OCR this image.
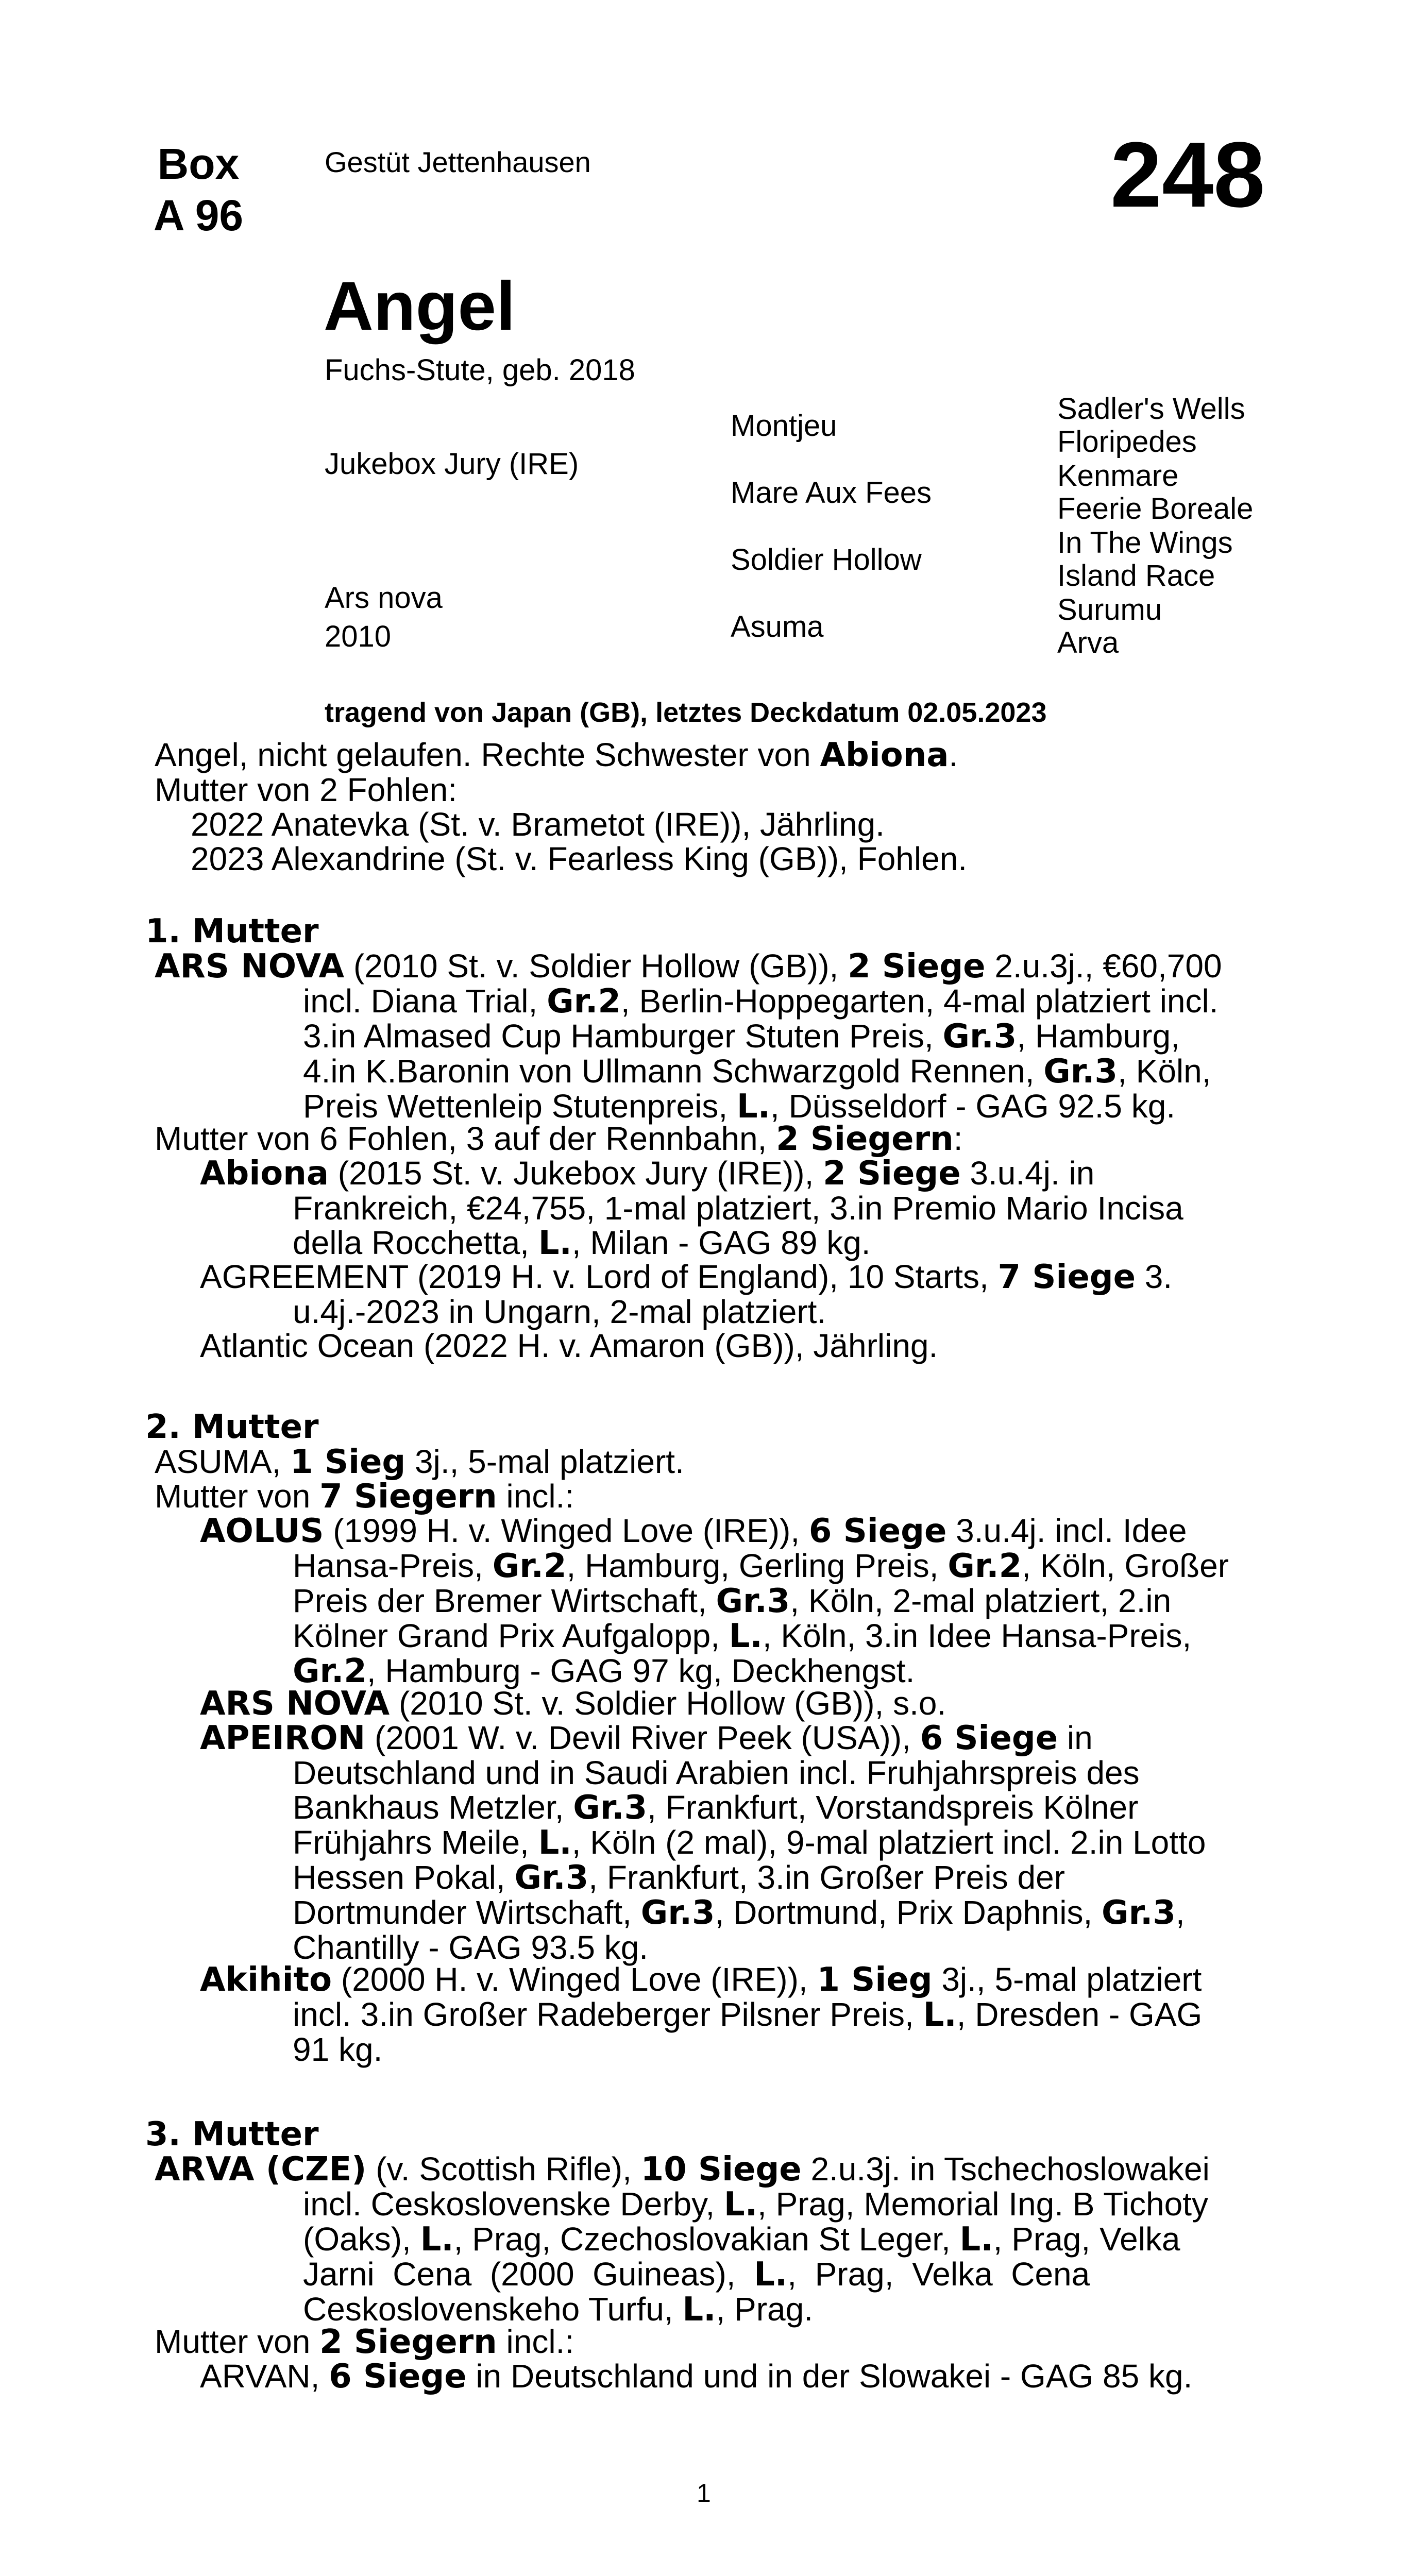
Box
A 96
Gestüt Jettenhausen	248
Angel
Fuchs-Stute, geb. 2018
Jukebox Jury (IRE)
Ars nova
2010
Montjeu
Mare Aux Fees
Soldier Hollow
Asuma
Sadler's Wells
Floripedes
Kenmare
Feerie Boreale
In The Wings
Island Race
Surumu
Arva
tragend von Japan (GB), letztes Deckdatum 02.05.2023
Angel, nicht gelaufen. Rechte Schwester von Abiona.
Mutter von 2 Fohlen:
2022 Anatevka (St. v. Brametot (IRE)), Jährling.
2023 Alexandrine (St. v. Fearless King (GB)), Fohlen.
1. Mutter
ARS NOVA (2010 St. v. Soldier Hollow (GB)), 2 Siege 2.u.3j., €60,700
incl. Diana Trial, Gr.2, Berlin-Hoppegarten, 4-mal platziert incl.
3.in Almased Cup Hamburger Stuten Preis, Gr.3, Hamburg,
4.in K.Baronin von Ullmann Schwarzgold Rennen, Gr.3, Köln,
Preis Wettenleip Stutenpreis, L., Düsseldorf - GAG 92.5 kg.
Mutter von 6 Fohlen, 3 auf der Rennbahn, 2 Siegern:
Abiona (2015 St. v. Jukebox Jury (IRE)), 2 Siege 3.u.4j. in
Frankreich, €24,755, 1-mal platziert, 3.in Premio Mario Incisa
della Rocchetta, L., Milan - GAG 89 kg.
AGREEMENT (2019 H. v. Lord of England), 10 Starts, 7 Siege 3.
u.4j.-2023 in Ungarn, 2-mal platziert.
Atlantic Ocean (2022 H. v. Amaron (GB)), Jährling.
2. Mutter
ASUMA, 1 Sieg 3j., 5-mal platziert.
Mutter von 7 Siegern incl.:
AOLUS (1999 H. v. Winged Love (IRE)), 6 Siege 3.u.4j. incl. Idee
Hansa-Preis, Gr.2, Hamburg, Gerling Preis, Gr.2, Köln, Großer
Preis der Bremer Wirtschaft, Gr.3, Köln, 2-mal platziert, 2.in
Kölner Grand Prix Aufgalopp, L., Köln, 3.in Idee Hansa-Preis,
Gr.2, Hamburg - GAG 97 kg, Deckhengst.
ARS NOVA (2010 St. v. Soldier Hollow (GB)), s.o.
APEIRON (2001 W. v. Devil River Peek (USA)), 6 Siege in
Deutschland und in Saudi Arabien incl. Fruhjahrspreis des
Bankhaus Metzler, Gr.3, Frankfurt, Vorstandspreis Kölner
Frühjahrs Meile, L., Köln (2 mal), 9-mal platziert incl. 2.in Lotto
Hessen Pokal, Gr.3, Frankfurt, 3.in Großer Preis der
Dortmunder Wirtschaft, Gr.3, Dortmund, Prix Daphnis, Gr.3,
Chantilly - GAG 93.5 kg.
Akihito (2000 H. v. Winged Love (IRE)), 1 Sieg 3j., 5-mal platziert
incl. 3.in Großer Radeberger Pilsner Preis, L., Dresden - GAG
91 kg.
3. Mutter
ARVA (CZE) (v. Scottish Rifle), 10 Siege 2.u.3j. in Tschechoslowakei
incl. Ceskoslovenske Derby, L., Prag, Memorial Ing. B Tichoty
(Oaks), L., Prag, Czechoslovakian St Leger, L., Prag, Velka
Jarni  Cena  (2000  Guineas),  L.,  Prag,  Velka  Cena
Ceskoslovenskeho Turfu, L., Prag.
Mutter von 2 Siegern incl.:
ARVAN, 6 Siege in Deutschland und in der Slowakei - GAG 85 kg.
1
